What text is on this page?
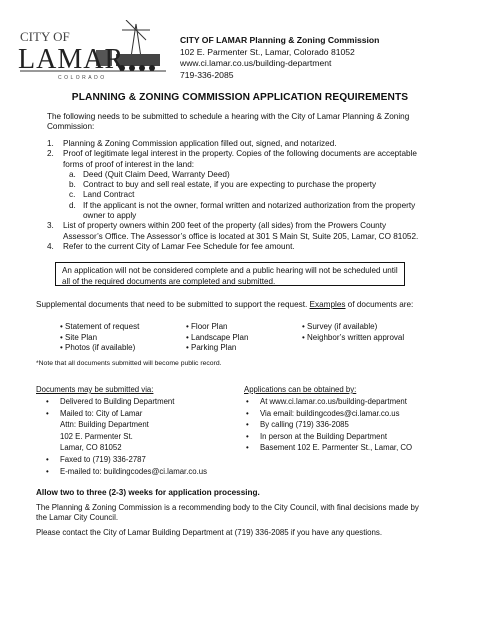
CITY OF
LAMAR
COLORADO
CITY OF LAMAR Planning & Zoning Commission
102 E. Parmenter St., Lamar, Colorado 81052
www.ci.lamar.co.us/building-department
719-336-2085
PLANNING & ZONING COMMISSION APPLICATION REQUIREMENTS
The following needs to be submitted to schedule a hearing with the City of Lamar Planning & Zoning Commission:
1. Planning & Zoning Commission application filled out, signed, and notarized.
2. Proof of legitimate legal interest in the property. Copies of the following documents are acceptable forms of proof of interest in the land:
a. Deed (Quit Claim Deed, Warranty Deed)
b. Contract to buy and sell real estate, if you are expecting to purchase the property
c. Land Contract
d. If the applicant is not the owner, formal written and notarized authorization from the property owner to apply
3. List of property owners within 200 feet of the property (all sides) from the Prowers County Assessor’s Office. The Assessor’s office is located at 301 S Main St, Suite 205, Lamar, CO 81052.
4. Refer to the current City of Lamar Fee Schedule for fee amount.
An application will not be considered complete and a public hearing will not be scheduled until all of the required documents are completed and submitted.
Supplemental documents that need to be submitted to support the request. Examples of documents are:
• Statement of request
• Site Plan
• Photos (if available)
• Floor Plan
• Landscape Plan
• Parking Plan
• Survey (if available)
• Neighbor’s written approval
*Note that all documents submitted will become public record.
Documents may be submitted via:	Applications can be obtained by:
• Delivered to Building Department
• Mailed to: City of Lamar
Attn: Building Department
102 E. Parmenter St.
Lamar, CO 81052
• Faxed to (719) 336-2787
• E-mailed to: buildingcodes@ci.lamar.co.us
• At www.ci.lamar.co.us/building-department
• Via email: buildingcodes@ci.lamar.co.us
• By calling (719) 336-2085
• In person at the Building Department
• Basement 102 E. Parmenter St., Lamar, CO
Allow two to three (2-3) weeks for application processing.
The Planning & Zoning Commission is a recommending body to the City Council, with final decisions made by the Lamar City Council.
Please contact the City of Lamar Building Department at (719) 336-2085 if you have any questions.
